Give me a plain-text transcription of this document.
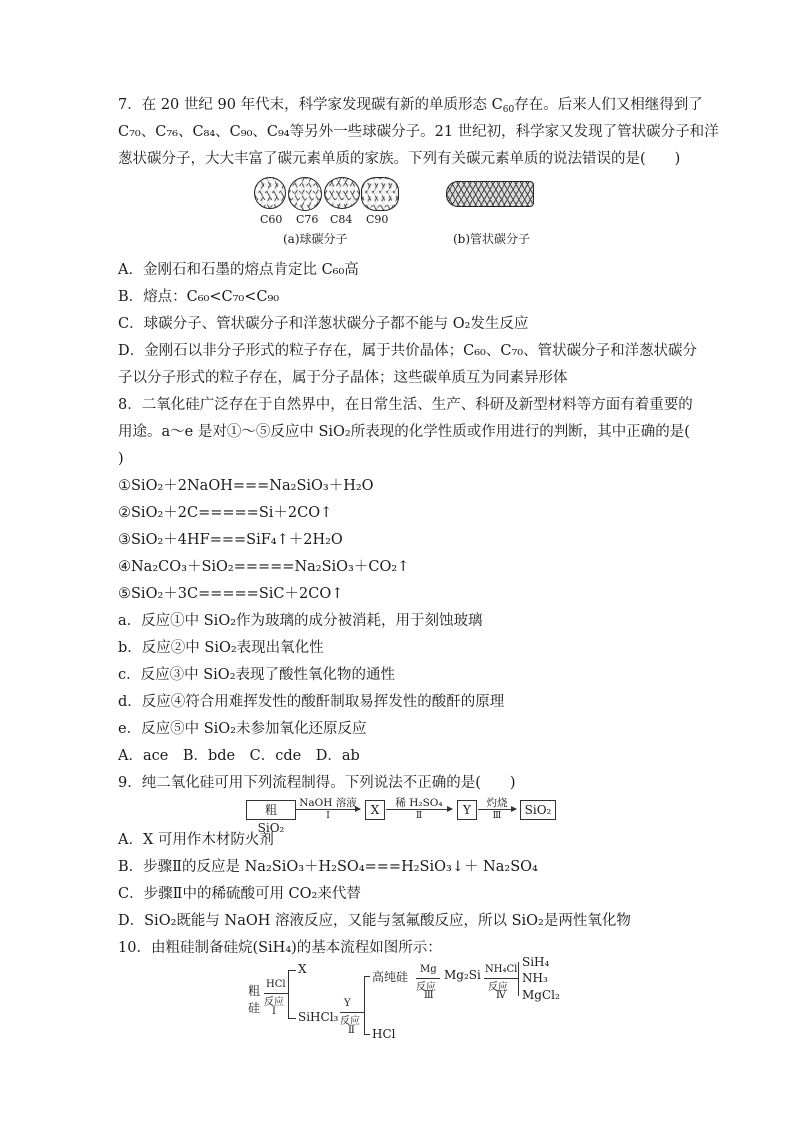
7．在 20 世纪 90 年代末，科学家发现碳有新的单质形态 $C_{60}$存在。后来人们又相继得到了
C₇₀、C₇₆、C₈₄、C₉₀、C₉₄等另外一些球碳分子。21 世纪初，科学家又发现了管状碳分子和洋
葱状碳分子，大大丰富了碳元素单质的家族。下列有关碳元素单质的说法错误的是(　　)
C60 C76 C84 C90
(a)球碳分子	(b)管状碳分子
A．金刚石和石墨的熔点肯定比 C₆₀高
B．熔点：C₆₀<C₇₀<C₉₀
C．球碳分子、管状碳分子和洋葱状碳分子都不能与 O₂发生反应
D．金刚石以非分子形式的粒子存在，属于共价晶体；C₆₀、C₇₀、管状碳分子和洋葱状碳分
子以分子形式的粒子存在，属于分子晶体；这些碳单质互为同素异形体
8．二氧化硅广泛存在于自然界中，在日常生活、生产、科研及新型材料等方面有着重要的
用途。a～e 是对①～⑤反应中 SiO₂所表现的化学性质或作用进行的判断，其中正确的是(
)
①SiO₂＋2NaOH===Na₂SiO₃＋H₂O
②SiO₂＋2C=====Si＋2CO↑
③SiO₂＋4HF===SiF₄↑＋2H₂O
④Na₂CO₃＋SiO₂=====Na₂SiO₃＋CO₂↑
⑤SiO₂＋3C=====SiC＋2CO↑
a．反应①中 SiO₂作为玻璃的成分被消耗，用于刻蚀玻璃
b．反应②中 SiO₂表现出氧化性
c．反应③中 SiO₂表现了酸性氧化物的通性
d．反应④符合用难挥发性的酸酐制取易挥发性的酸酐的原理
e．反应⑤中 SiO₂未参加氧化还原反应
A．ace　B．bde　C．cde　D．ab
9．纯二氧化硅可用下列流程制得。下列说法不正确的是(　　)
粗 SiO₂
NaOH 溶液
Ⅰ	X	稀 H₂SO₄
Ⅱ	Y	灼烧
Ⅲ	SiO₂
A．X 可用作木材防火剂
B．步骤Ⅱ的反应是 Na₂SiO₃＋H₂SO₄===H₂SiO₃↓＋ Na₂SO₄
C．步骤Ⅱ中的稀硫酸可用 CO₂来代替
D．SiO₂既能与 NaOH 溶液反应，又能与氢氟酸反应，所以 SiO₂是两性氧化物
10．由粗硅制备硅烷(SiH₄)的基本流程如图所示：
粗
硅
X
HCl
反应
Ⅰ SiHCl₃
Y
反应
Ⅱ HCl
高纯硅
Mg
反应
Ⅲ
Mg₂Si NH₄Cl
反应
Ⅳ
SiH₄
NH₃
MgCl₂
